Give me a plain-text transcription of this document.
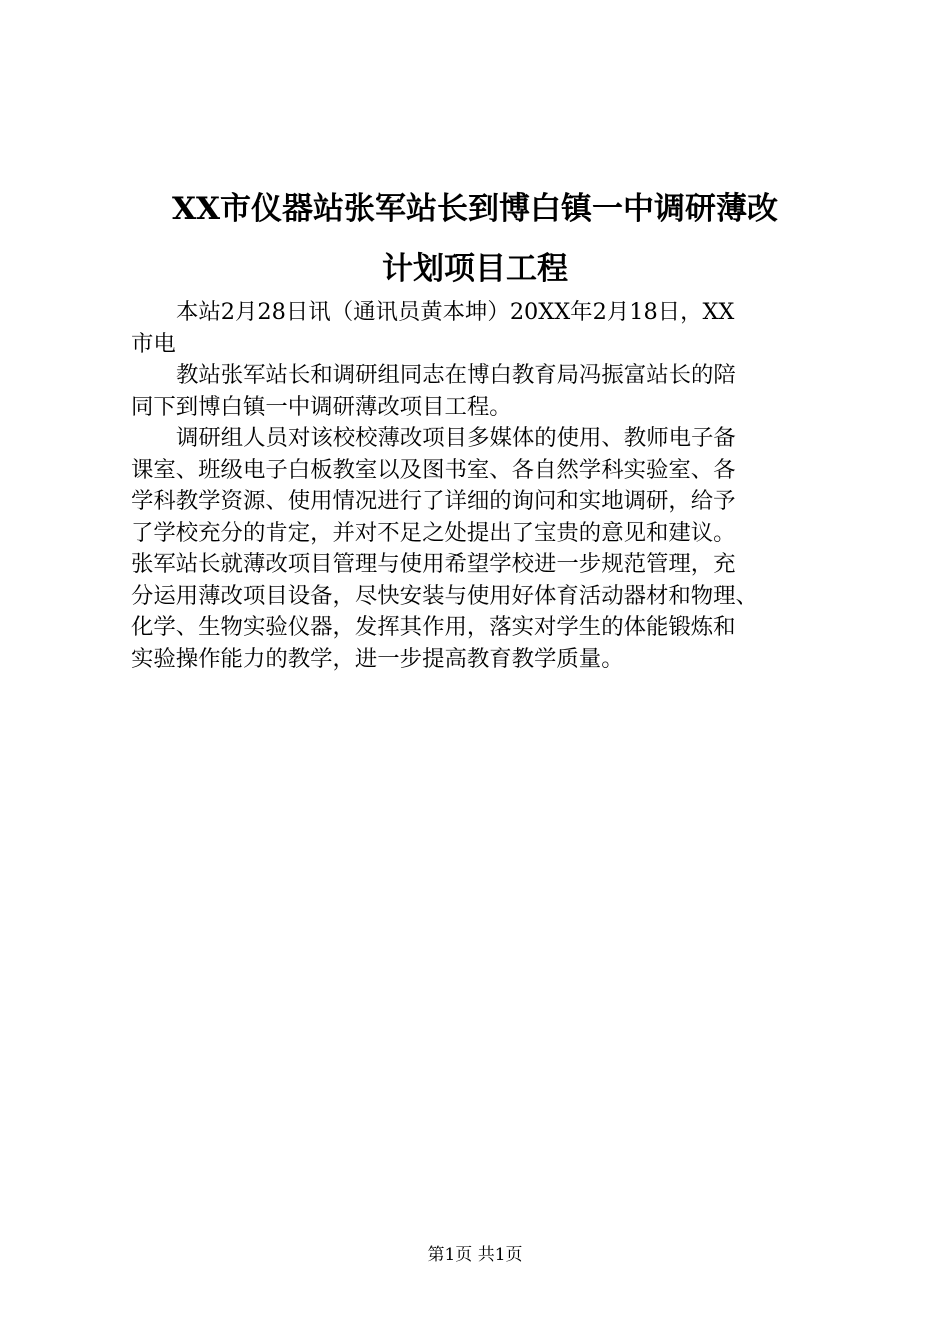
XX市仪器站张军站长到博白镇一中调研薄改
计划项目工程
本站2月28日讯（通讯员黄本坤）20XX年2月18日，XX
市电
教站张军站长和调研组同志在博白教育局冯振富站长的陪
同下到博白镇一中调研薄改项目工程。
调研组人员对该校校薄改项目多媒体的使用、教师电子备
课室、班级电子白板教室以及图书室、各自然学科实验室、各
学科教学资源、使用情况进行了详细的询问和实地调研，给予
了学校充分的肯定，并对不足之处提出了宝贵的意见和建议。
张军站长就薄改项目管理与使用希望学校进一步规范管理，充
分运用薄改项目设备，尽快安装与使用好体育活动器材和物理、
化学、生物实验仪器，发挥其作用，落实对学生的体能锻炼和
实验操作能力的教学，进一步提高教育教学质量。
第1页 共1页
